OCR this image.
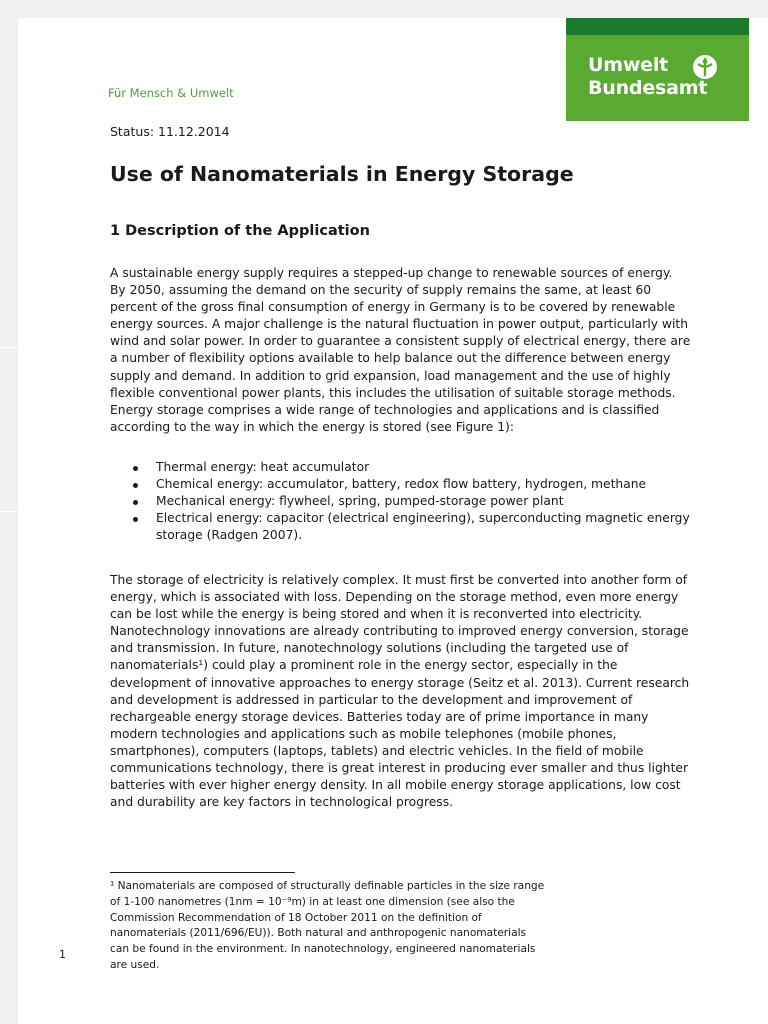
Umwelt
Bundesamt
Für Mensch & Umwelt
Status: 11.12.2014
Use of Nanomaterials in Energy Storage
1 Description of the Application

A sustainable energy supply requires a stepped-up change to renewable sources of energy.
By 2050, assuming the demand on the security of supply remains the same, at least 60
percent of the gross final consumption of energy in Germany is to be covered by renewable
energy sources. A major challenge is the natural fluctuation in power output, particularly with
wind and solar power. In order to guarantee a consistent supply of electrical energy, there are
a number of flexibility options available to help balance out the difference between energy
supply and demand. In addition to grid expansion, load management and the use of highly
flexible conventional power plants, this includes the utilisation of suitable storage methods.
Energy storage comprises a wide range of technologies and applications and is classified
according to the way in which the energy is stored (see Figure 1):

Thermal energy: heat accumulator
Chemical energy: accumulator, battery, redox flow battery, hydrogen, methane
Mechanical energy: flywheel, spring, pumped-storage power plant
Electrical energy: capacitor (electrical engineering), superconducting magnetic energy
storage (Radgen 2007).

The storage of electricity is relatively complex. It must first be converted into another form of
energy, which is associated with loss. Depending on the storage method, even more energy
can be lost while the energy is being stored and when it is reconverted into electricity.
Nanotechnology innovations are already contributing to improved energy conversion, storage
and transmission. In future, nanotechnology solutions (including the targeted use of
nanomaterials¹) could play a prominent role in the energy sector, especially in the
development of innovative approaches to energy storage (Seitz et al. 2013). Current research
and development is addressed in particular to the development and improvement of
rechargeable energy storage devices. Batteries today are of prime importance in many
modern technologies and applications such as mobile telephones (mobile phones,
smartphones), computers (laptops, tablets) and electric vehicles. In the field of mobile
communications technology, there is great interest in producing ever smaller and thus lighter
batteries with ever higher energy density. In all mobile energy storage applications, low cost
and durability are key factors in technological progress.

¹ Nanomaterials are composed of structurally definable particles in the size range
of 1-100 nanometres (1nm = 10⁻⁹m) in at least one dimension (see also the
Commission Recommendation of 18 October 2011 on the definition of
nanomaterials (2011/696/EU)). Both natural and anthropogenic nanomaterials
can be found in the environment. In nanotechnology, engineered nanomaterials
are used.

1
